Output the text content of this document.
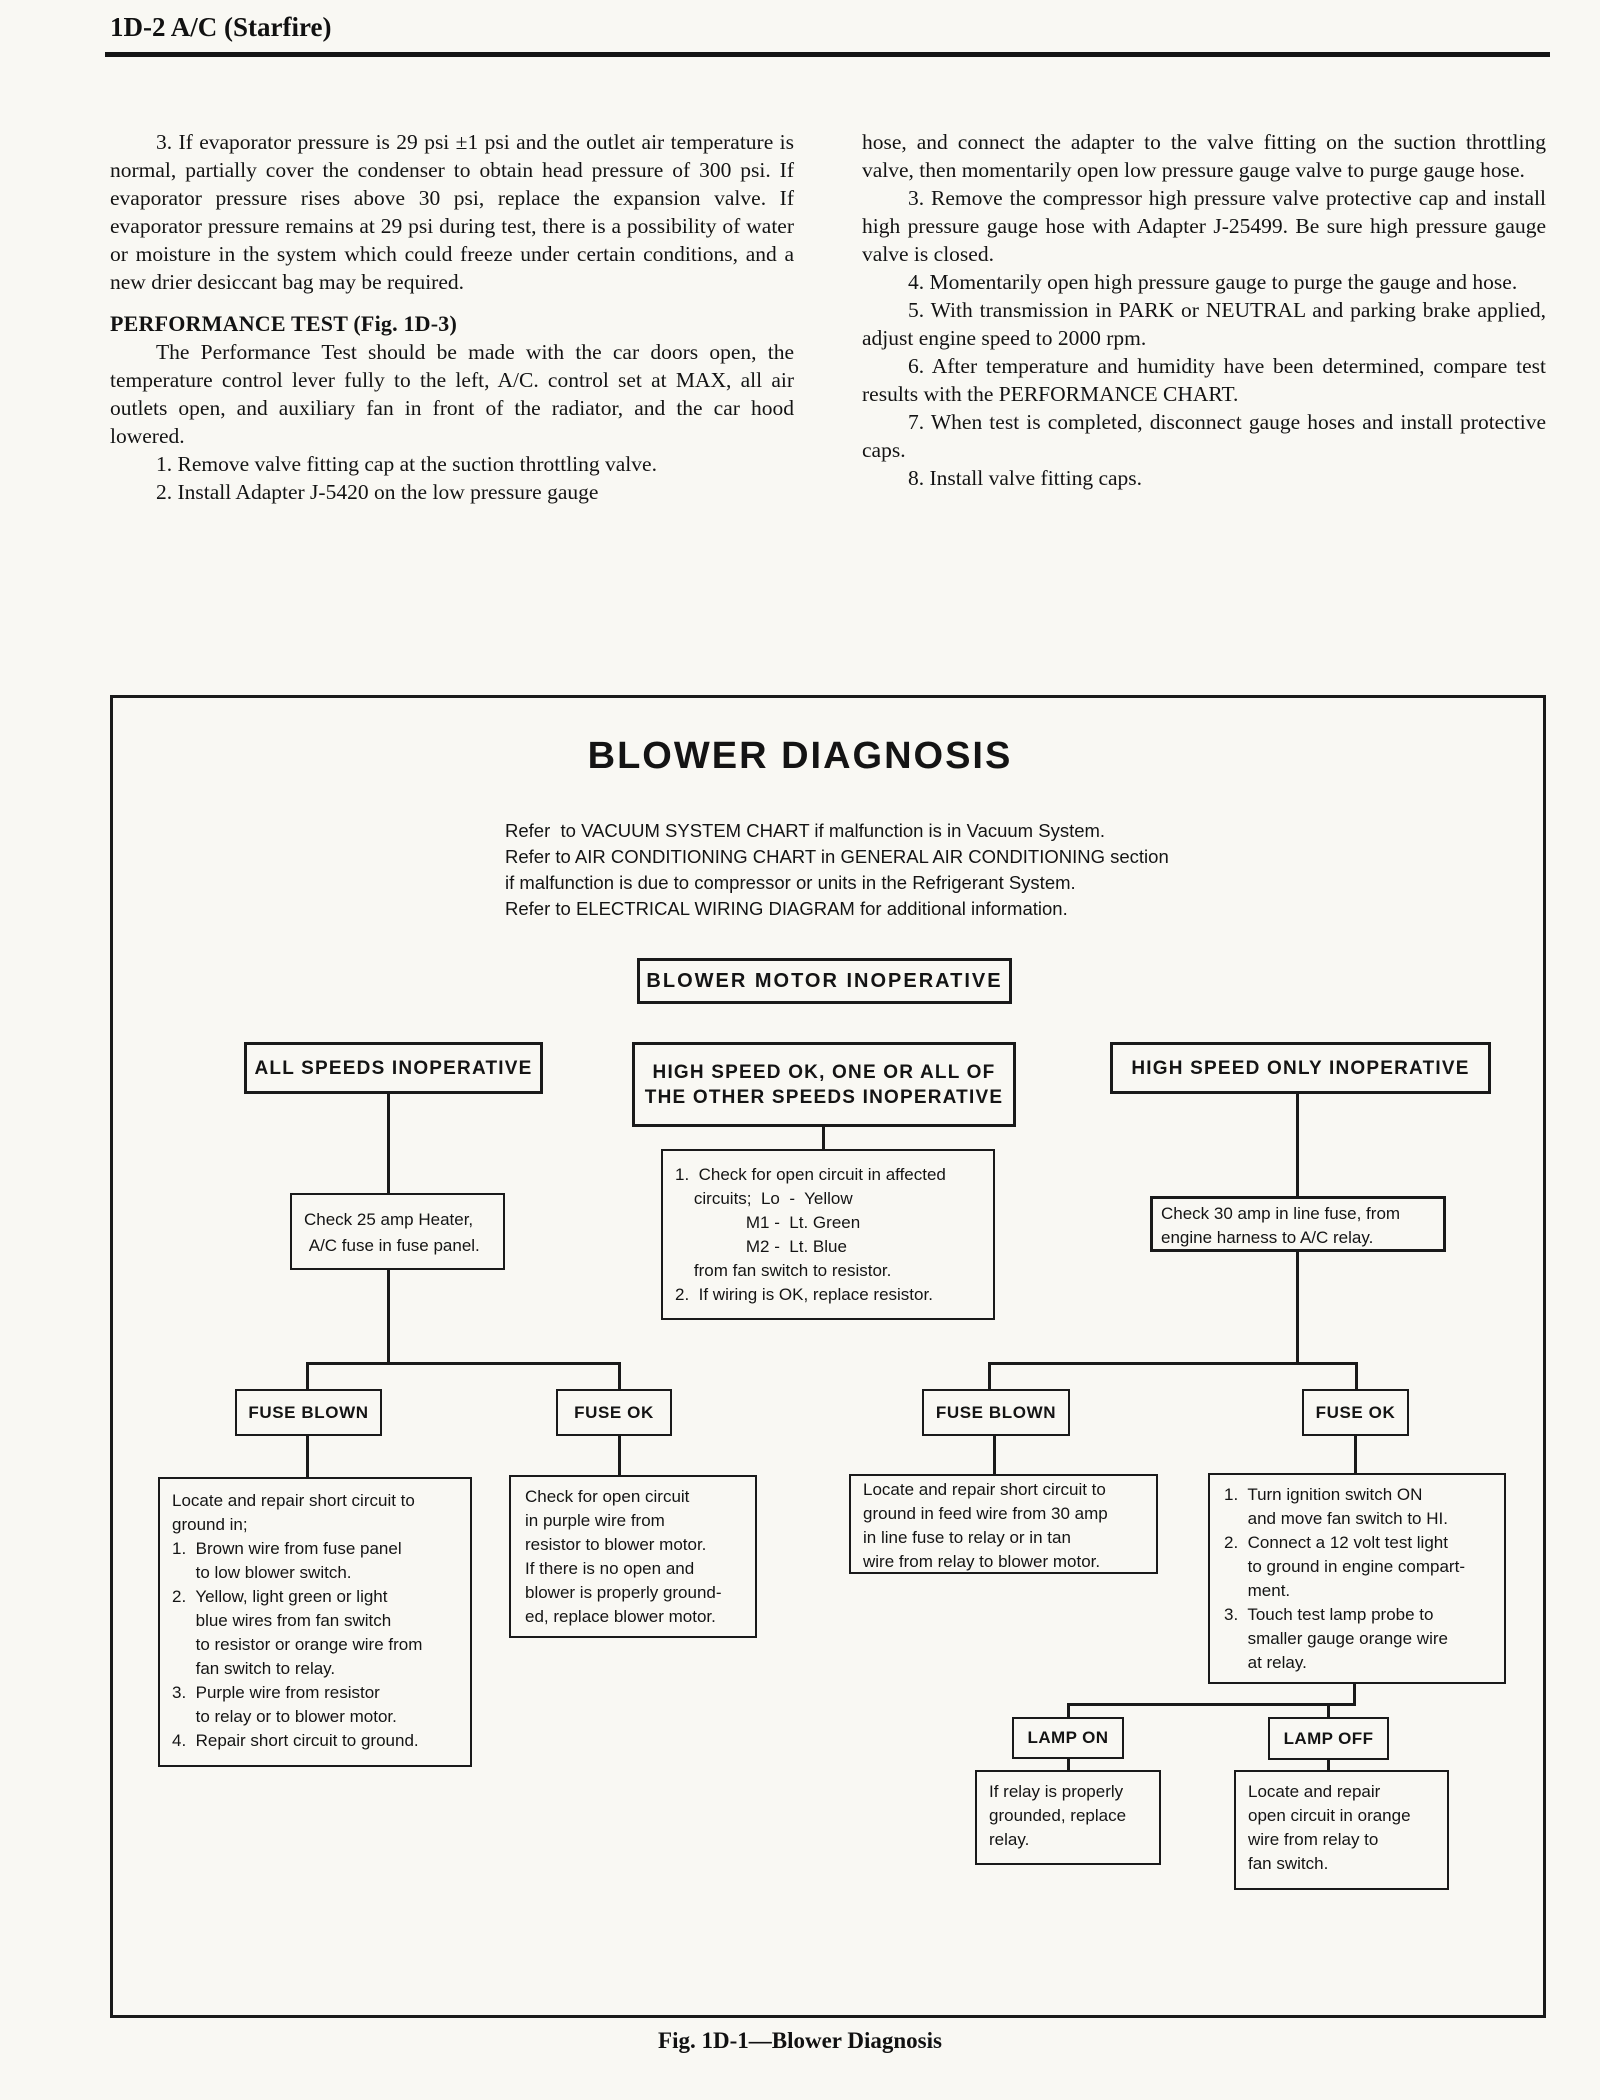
1D-2 A/C (Starfire)

3. If evaporator pressure is 29 psi ±1 psi and the outlet air temperature is normal, partially cover the condenser to obtain head pressure of 300 psi. If evaporator pressure rises above 30 psi, replace the expansion valve. If evaporator pressure remains at 29 psi during test, there is a possibility of water or moisture in the system which could freeze under certain conditions, and a new drier desiccant bag may be required.

PERFORMANCE TEST (Fig. 1D-3)

The Performance Test should be made with the car doors open, the temperature control lever fully to the left, A/C. control set at MAX, all air outlets open, and auxiliary fan in front of the radiator, and the car hood lowered.

1. Remove valve fitting cap at the suction throttling valve.

2. Install Adapter J-5420 on the low pressure gauge

hose, and connect the adapter to the valve fitting on the suction throttling valve, then momentarily open low pressure gauge valve to purge gauge hose.

3. Remove the compressor high pressure valve protective cap and install high pressure gauge hose with Adapter J-25499. Be sure high pressure gauge valve is closed.

4. Momentarily open high pressure gauge to purge the gauge and hose.

5. With transmission in PARK or NEUTRAL and parking brake applied, adjust engine speed to 2000 rpm.

6. After temperature and humidity have been determined, compare test results with the PERFORMANCE CHART.

7. When test is completed, disconnect gauge hoses and install protective caps.

8. Install valve fitting caps.

BLOWER DIAGNOSIS
Refer  to VACUUM SYSTEM CHART if malfunction is in Vacuum System.
Refer to AIR CONDITIONING CHART in GENERAL AIR CONDITIONING section
if malfunction is due to compressor or units in the Refrigerant System.
Refer to ELECTRICAL WIRING DIAGRAM for additional information.
BLOWER MOTOR INOPERATIVE
ALL SPEEDS INOPERATIVE	HIGH SPEED OK, ONE OR ALL OF
THE OTHER SPEEDS INOPERATIVE
HIGH SPEED ONLY INOPERATIVE
Check 25 amp Heater,
A/C fuse in fuse panel.
FUSE BLOWN	FUSE OK
Locate and repair short circuit to
ground in;
1.  Brown wire from fuse panel
to low blower switch.
2.  Yellow, light green or light
blue wires from fan switch
to resistor or orange wire from
fan switch to relay.
3.  Purple wire from resistor
to relay or to blower motor.
4.  Repair short circuit to ground.
Check for open circuit
in purple wire from
resistor to blower motor.
If there is no open and
blower is properly ground-
ed, replace blower motor.
1.  Check for open circuit in affected
circuits;  Lo  -  Yellow
M1 -  Lt. Green
M2 -  Lt. Blue
from fan switch to resistor.
2.  If wiring is OK, replace resistor.
Check 30 amp in line fuse, from
engine harness to A/C relay.
FUSE BLOWN	FUSE OK
Locate and repair short circuit to
ground in feed wire from 30 amp
in line fuse to relay or in tan
wire from relay to blower motor.
1.  Turn ignition switch ON
and move fan switch to HI.
2.  Connect a 12 volt test light
to ground in engine compart-
ment.
3.  Touch test lamp probe to
smaller gauge orange wire
at relay.
LAMP ON	LAMP OFF
If relay is properly
grounded, replace
relay.
Locate and repair
open circuit in orange
wire from relay to
fan switch.
Fig. 1D-1—Blower Diagnosis
